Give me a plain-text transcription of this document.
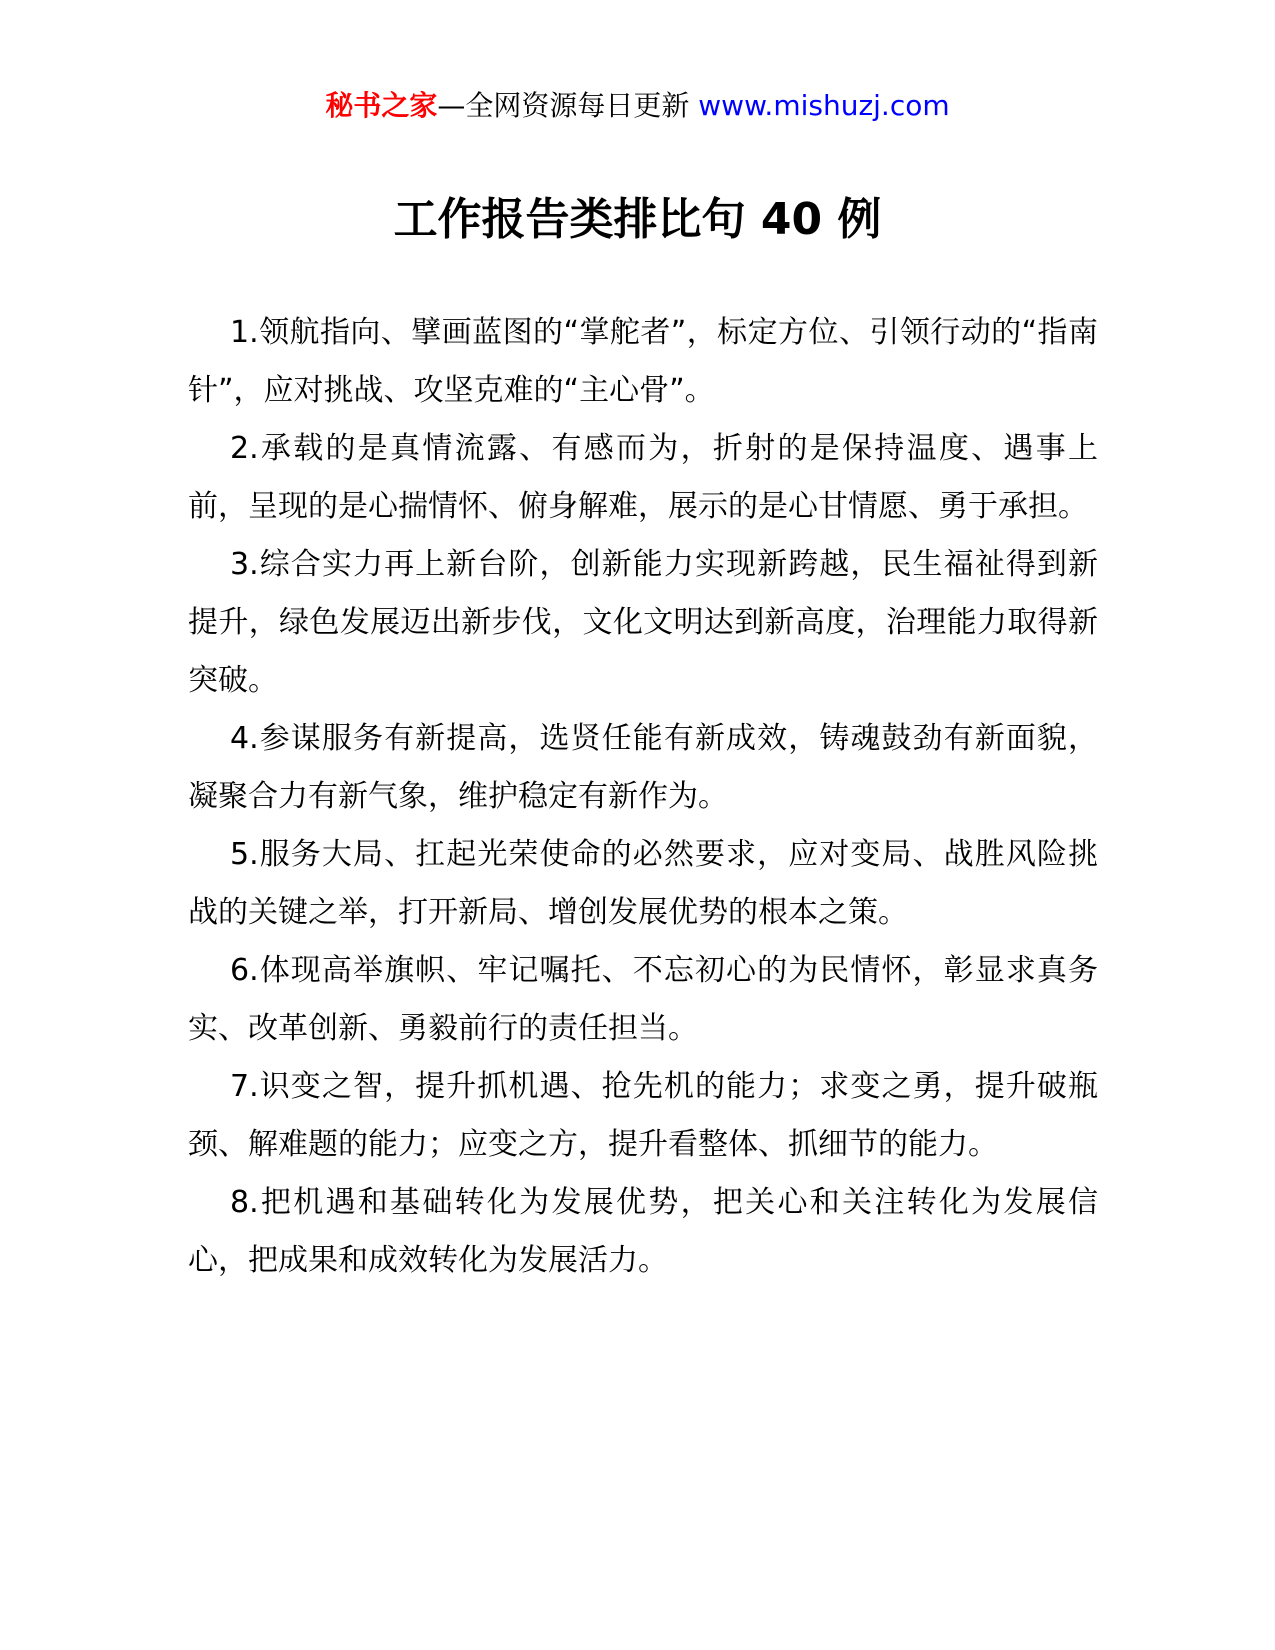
秘书之家—全网资源每日更新 www.mishuzj.com
工作报告类排比句 40 例

1.领航指向、擘画蓝图的“掌舵者”，标定方位、引领行动的“指南针”，应对挑战、攻坚克难的“主心骨”。

2.承载的是真情流露、有感而为，折射的是保持温度、遇事上前，呈现的是心揣情怀、俯身解难，展示的是心甘情愿、勇于承担。

3.综合实力再上新台阶，创新能力实现新跨越，民生福祉得到新提升，绿色发展迈出新步伐，文化文明达到新高度，治理能力取得新突破。

4.参谋服务有新提高，选贤任能有新成效，铸魂鼓劲有新面貌，凝聚合力有新气象，维护稳定有新作为。

5.服务大局、扛起光荣使命的必然要求，应对变局、战胜风险挑战的关键之举，打开新局、增创发展优势的根本之策。

6.体现高举旗帜、牢记嘱托、不忘初心的为民情怀，彰显求真务实、改革创新、勇毅前行的责任担当。

7.识变之智，提升抓机遇、抢先机的能力；求变之勇，提升破瓶颈、解难题的能力；应变之方，提升看整体、抓细节的能力。

8.把机遇和基础转化为发展优势，把关心和关注转化为发展信心，把成果和成效转化为发展活力。
